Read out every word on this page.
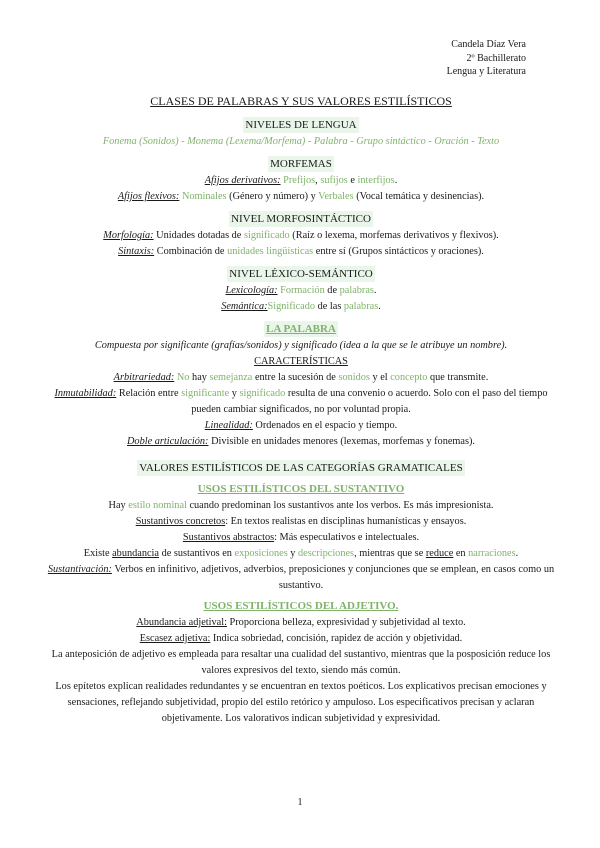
Candela Díaz Vera
2º Bachillerato
Lengua y Literatura
CLASES DE PALABRAS Y SUS VALORES ESTILÍSTICOS
NIVELES DE LENGUA
Fonema (Sonidos) - Monema (Lexema/Morfema) - Palabra - Grupo sintáctico - Oración - Texto
MORFEMAS
Afijos derivativos: Prefijos, sufijos e interfijos.
Afijos flexivos: Nominales (Género y número) y Verbales (Vocal temática y desinencias).
NIVEL MORFOSINTÁCTICO
Morfología: Unidades dotadas de significado (Raíz o lexema, morfemas derivativos y flexivos).
Sintaxis: Combinación de unidades lingüísticas entre sí (Grupos sintácticos y oraciones).
NIVEL LÉXICO-SEMÁNTICO
Lexicología: Formación de palabras.
Semántica:Significado de las palabras.
LA PALABRA
Compuesta por significante (grafías/sonidos) y significado (idea a la que se le atribuye un nombre).
CARACTERÍSTICAS
Arbitrariedad: No hay semejanza entre la sucesión de sonidos y el concepto que transmite.
Inmutabilidad: Relación entre significante y significado resulta de una convenio o acuerdo. Solo con el paso del tiempo pueden cambiar significados, no por voluntad propia.
Linealidad: Ordenados en el espacio y tiempo.
Doble articulación: Divisible en unidades menores (lexemas, morfemas y fonemas).
VALORES ESTILÍSTICOS DE LAS CATEGORÍAS GRAMATICALES
USOS ESTILÍSTICOS DEL SUSTANTIVO
Hay estilo nominal cuando predominan los sustantivos ante los verbos. Es más impresionista.
Sustantivos concretos: En textos realistas en disciplinas humanísticas y ensayos.
Sustantivos abstractos: Más especulativos e intelectuales.
Existe abundancia de sustantivos en exposiciones y descripciones, mientras que se reduce en narraciones.
Sustantivación: Verbos en infinitivo, adjetivos, adverbios, preposiciones y conjunciones que se emplean, en casos como un sustantivo.
USOS ESTILÍSTICOS DEL ADJETIVO.
Abundancia adjetival: Proporciona belleza, expresividad y subjetividad al texto.
Escasez adjetiva: Indica sobriedad, concisión, rapidez de acción y objetividad.
La anteposición de adjetivo es empleada para resaltar una cualidad del sustantivo, mientras que la posposición reduce los valores expresivos del texto, siendo más común.
Los epítetos explican realidades redundantes y se encuentran en textos poéticos. Los explicativos precisan emociones y sensaciones, reflejando subjetividad, propio del estilo retórico y ampuloso. Los especificativos precisan y aclaran objetivamente. Los valorativos indican subjetividad y expresividad.
1
